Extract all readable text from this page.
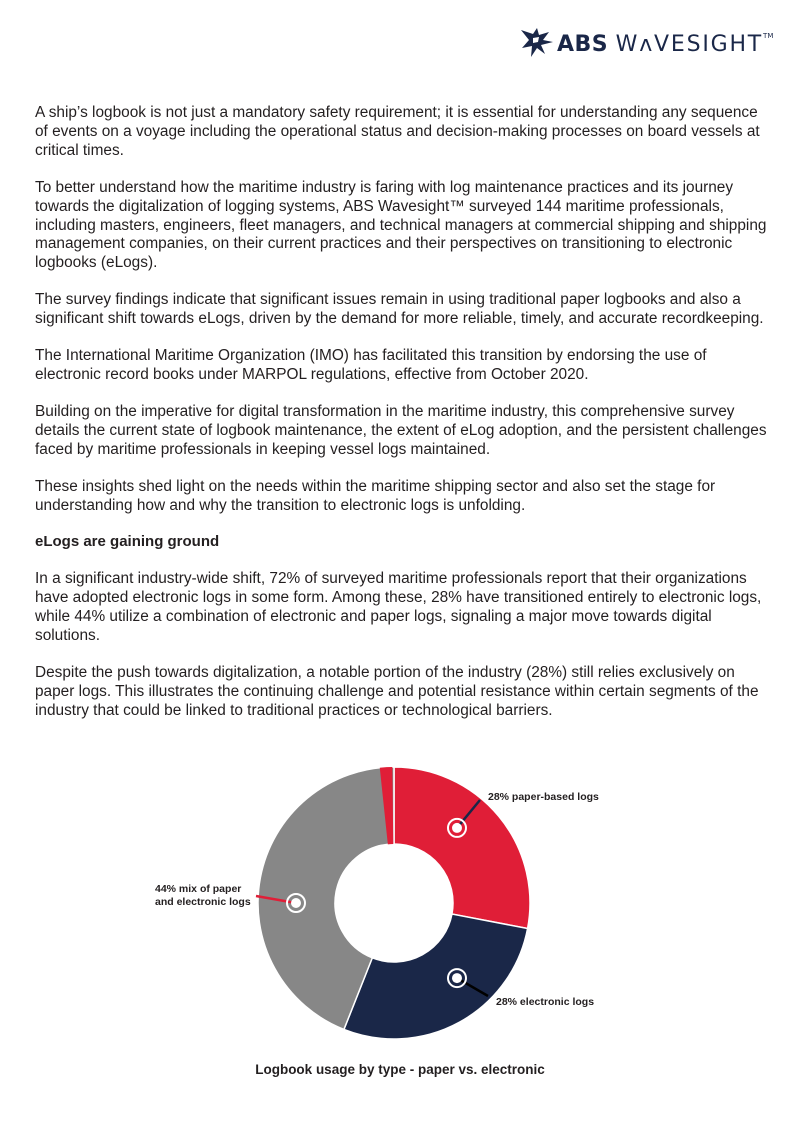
ABS WʌVESIGHT™

A ship’s logbook is not just a mandatory safety requirement; it is essential for understanding any sequence of events on a voyage including the operational status and decision-making processes on board vessels at critical times.

To better understand how the maritime industry is faring with log maintenance practices and its journey towards the digitalization of logging systems, ABS Wavesight™ surveyed 144 maritime professionals, including masters, engineers, fleet managers, and technical managers at commercial shipping and shipping management companies, on their current practices and their perspectives on transitioning to electronic logbooks (eLogs).

The survey findings indicate that significant issues remain in using traditional paper logbooks and also a significant shift towards eLogs, driven by the demand for more reliable, timely, and accurate recordkeeping.

The International Maritime Organization (IMO) has facilitated this transition by endorsing the use of electronic record books under MARPOL regulations, effective from October 2020.

Building on the imperative for digital transformation in the maritime industry, this comprehensive survey details the current state of logbook maintenance, the extent of eLog adoption, and the persistent challenges faced by maritime professionals in keeping vessel logs maintained.

These insights shed light on the needs within the maritime shipping sector and also set the stage for understanding how and why the transition to electronic logs is unfolding.

eLogs are gaining ground

In a significant industry-wide shift, 72% of surveyed maritime professionals report that their organizations have adopted electronic logs in some form. Among these, 28% have transitioned entirely to electronic logs, while 44% utilize a combination of electronic and paper logs, signaling a major move towards digital solutions.

Despite the push towards digitalization, a notable portion of the industry (28%) still relies exclusively on paper logs. This illustrates the continuing challenge and potential resistance within certain segments of the industry that could be linked to traditional practices or technological barriers.

28% paper-based logs
28% electronic logs
44% mix of paper
and electronic logs
Logbook usage by type - paper vs. electronic
